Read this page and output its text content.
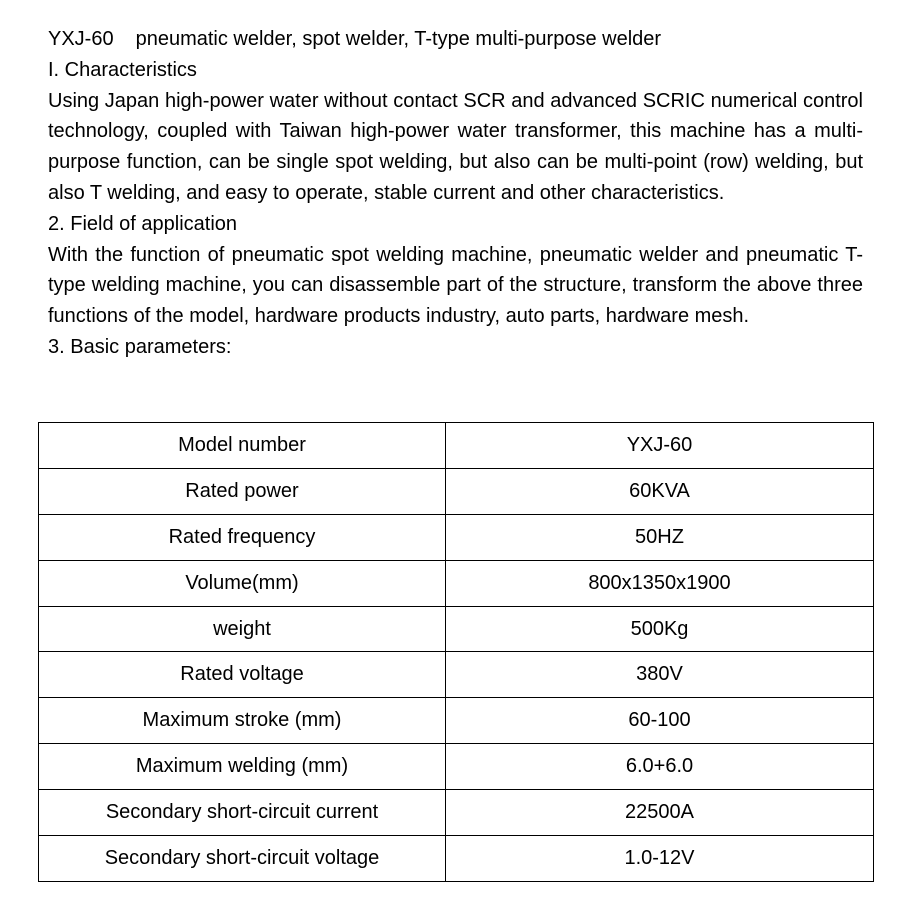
YXJ-60 pneumatic welder, spot welder, T-type multi-purpose welder

I. Characteristics

Using Japan high-power water without contact SCR and advanced SCRIC numerical control technology, coupled with Taiwan high-power water transformer, this machine has a multi-purpose function, can be single spot welding, but also can be multi-point (row) welding, but also T welding, and easy to operate, stable current and other characteristics.

2. Field of application

With the function of pneumatic spot welding machine, pneumatic welder and pneumatic T-type welding machine, you can disassemble part of the structure, transform the above three functions of the model, hardware products industry, auto parts, hardware mesh.

3. Basic parameters:

Model number	YXJ-60
Rated power	60KVA
Rated frequency	50HZ
Volume(mm)	800x1350x1900
weight	500Kg
Rated voltage	380V
Maximum stroke (mm)	60-100
Maximum welding (mm)	6.0+6.0
Secondary short-circuit current	22500A
Secondary short-circuit voltage	1.0-12V
